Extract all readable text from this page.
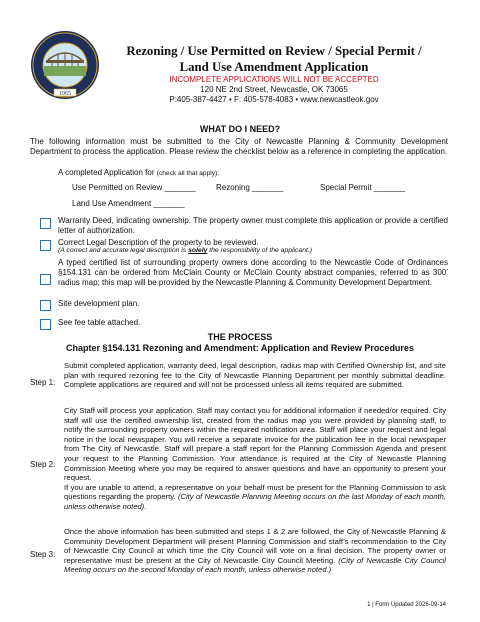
1965
Rezoning / Use Permitted on Review / Special Permit /
Land Use Amendment Application
INCOMPLETE APPLICATIONS WILL NOT BE ACCEPTED
120 NE 2nd Street, Newcastle, OK 73065
P:405-387-4427 • F: 405-578-4083 • www.newcastleok.gov
WHAT DO I NEED?
The following information must be submitted to the City of Newcastle Planning & Community Development Department to process the application. Please review the checklist below as a reference in completing the application.
A completed Application for (check all that apply):
Use Permitted on Review _______	Rezoning _______	Special Permit _______
Land Use Amendment _______
Warranty Deed, indicating ownership. The property owner must complete this application or provide a certified letter of authorization.
Correct Legal Description of the property to be reviewed.
(A correct and accurate legal description is solely the responsibility of the applicant.)
A typed certified list of surrounding property owners done according to the Newcastle Code of Ordinances §154.131 can be ordered from McClain County or McClain County abstract companies, referred to as 300’ radius map; this map will be provided by the Newcastle Planning & Community Development Department.
Site development plan.
See fee table attached.
THE PROCESS
Chapter §154.131 Rezoning and Amendment: Application and Review Procedures
Step 1:
Submit completed application, warranty deed, legal description, radius map with Certified Ownership list, and site plan with required rezoning fee to the City of Newcastle Planning Department per monthly submittal deadline. Complete applications are required and will not be processed unless all items required are submitted.
Step 2:
City Staff will process your application. Staff may contact you for additional information if needed/or required. City staff will use the certified ownership list, created from the radius map you were provided by planning staff, to notify the surrounding property owners within the required notification area. Staff will place your request and legal notice in the local newspaper. You will receive a separate invoice for the publication fee in the local newspaper from The City of Newcastle. Staff will prepare a staff report for the Planning Commission Agenda and present your request to the Planning Commission. Your attendance is required at the City of Newcastle Planning Commission Meeting where you may be required to answer questions and have an opportunity to present your request.
If you are unable to attend, a representative on your behalf must be present for the Planning Commission to ask questions regarding the property. (City of Newcastle Planning Meeting occurs on the last Monday of each month, unless otherwise noted).
Step 3:
Once the above information has been submitted and steps 1 & 2 are followed, the City of Newcastle Planning & Community Development Department will present Planning Commission and staff’s recommendation to the City of Newcastle City Council at which time the City Council will vote on a final decision. The property owner or representative must be present at the City of Newcastle City Council Meeting. (City of Newcastle City Council Meeting occurs on the second Monday of each month, unless otherwise noted.)
1 | Form Updated 2026-09-14
